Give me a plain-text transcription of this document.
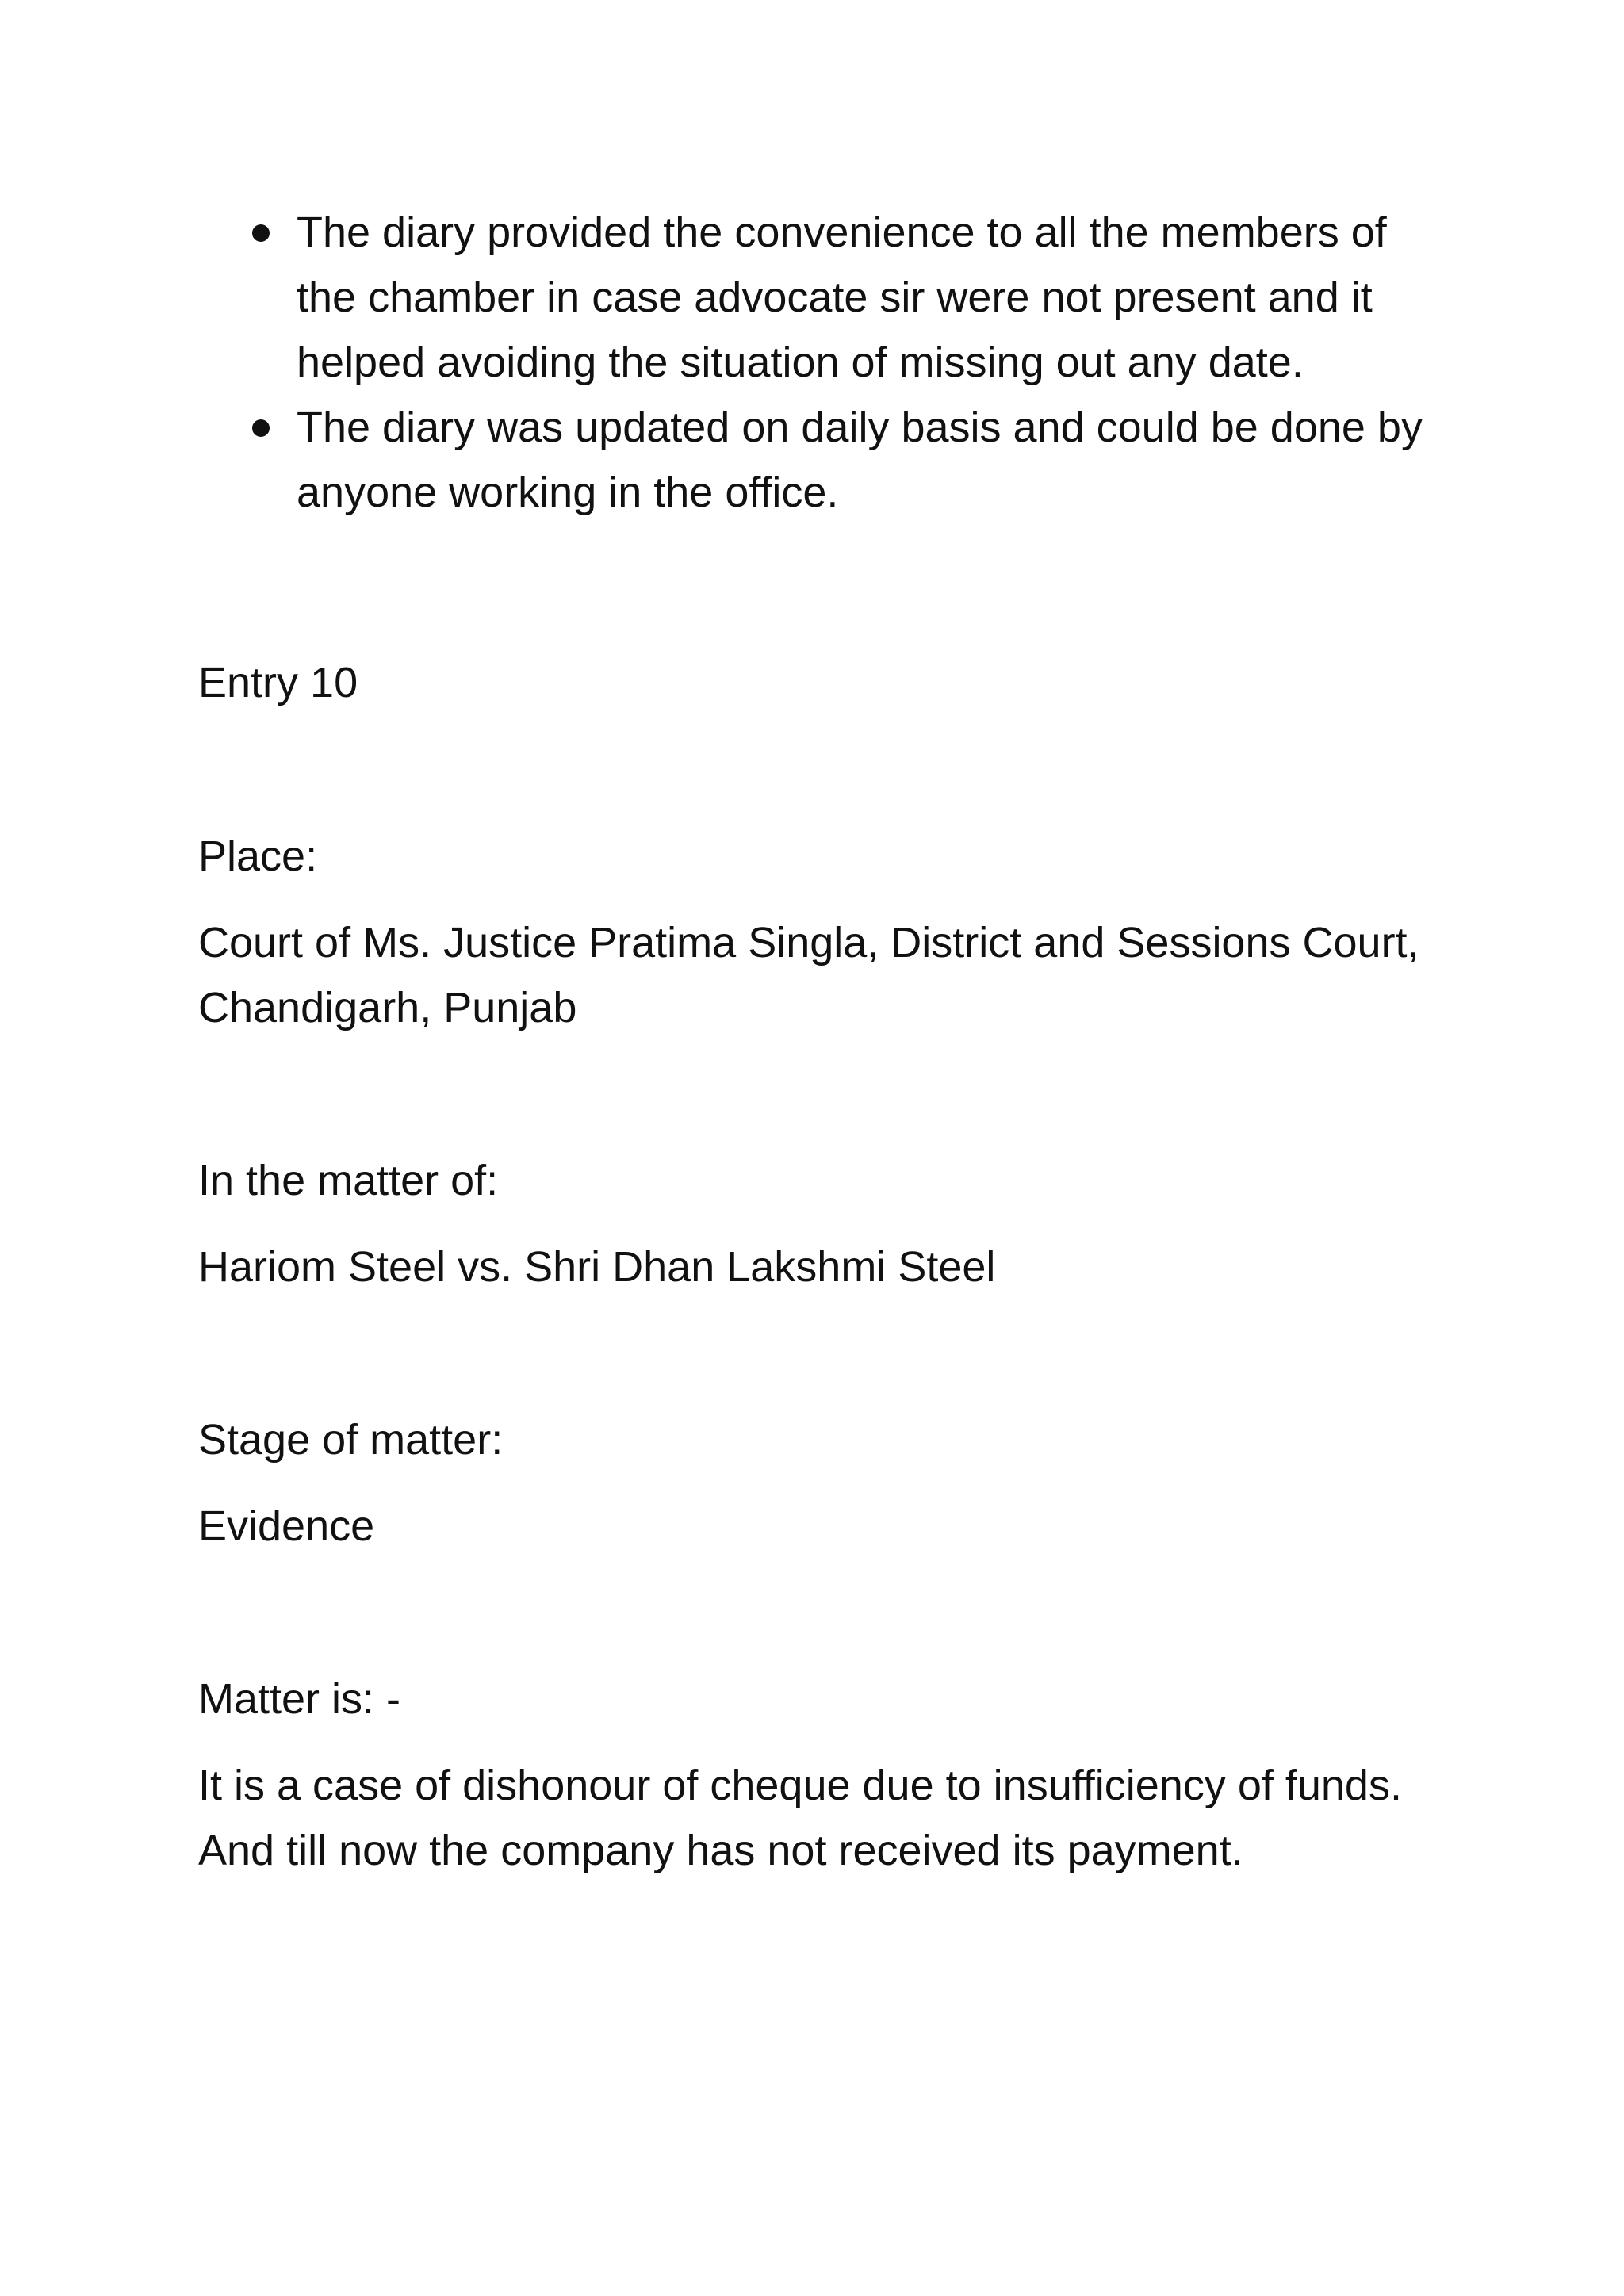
The diary provided the convenience to all the members of the chamber in case advocate sir were not present and it helped avoiding the situation of missing out any date.
The diary was updated on daily basis and could be done by anyone working in the office.

Entry 10

Place:

Court of Ms. Justice Pratima Singla, District and Sessions Court, Chandigarh, Punjab

In the matter of:

Hariom Steel vs. Shri Dhan Lakshmi Steel

Stage of matter:

Evidence

Matter is: -

It is a case of dishonour of cheque due to insufficiency of funds. And till now the company has not received its payment.
